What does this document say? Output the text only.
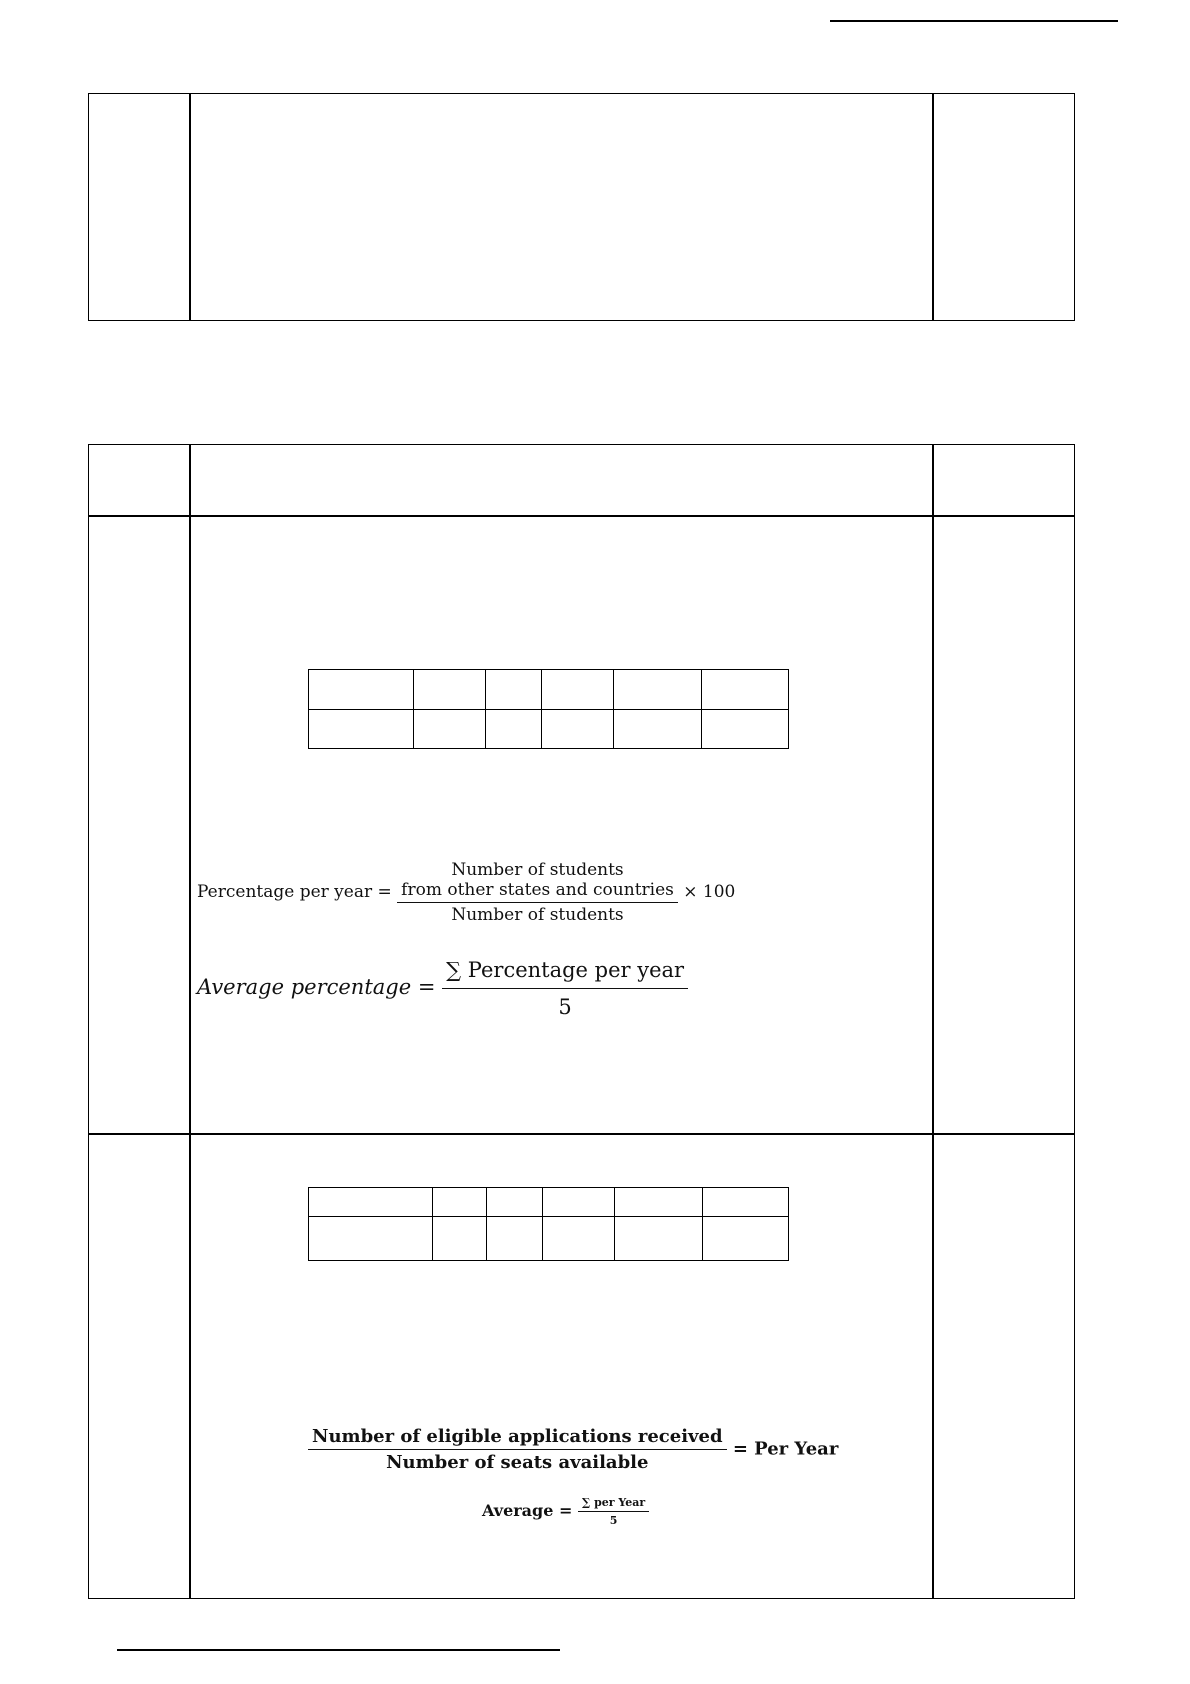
Percentage per year =
Number of students
from other states and countries
Number of students
× 100
Average percentage = $\frac{\text{∑ Percentage per year}}{5}$

$\frac{\text{Number of eligible applications received}}{\text{Number of seats available}}$ = Per Year
Average = $\frac{\text{∑ per Year}}{5}$
